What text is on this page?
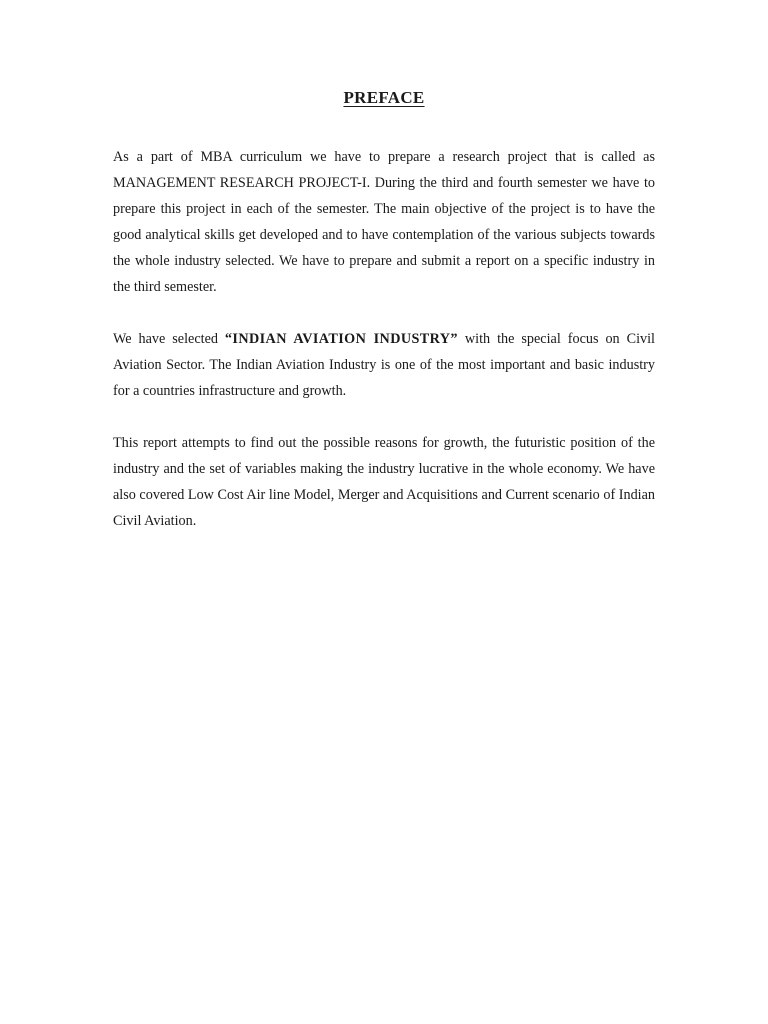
PREFACE

As a part of MBA curriculum we have to prepare a research project that is called as MANAGEMENT RESEARCH PROJECT-I. During the third and fourth semester we have to prepare this project in each of the semester. The main objective of the project is to have the good analytical skills get developed and to have contemplation of the various subjects towards the whole industry selected. We have to prepare and submit a report on a specific industry in the third semester.

We have selected “INDIAN AVIATION INDUSTRY” with the special focus on Civil Aviation Sector. The Indian Aviation Industry is one of the most important and basic industry for a countries infrastructure and growth.

This report attempts to find out the possible reasons for growth, the futuristic position of the industry and the set of variables making the industry lucrative in the whole economy. We have also covered Low Cost Air line Model, Merger and Acquisitions and Current scenario of Indian Civil Aviation.
